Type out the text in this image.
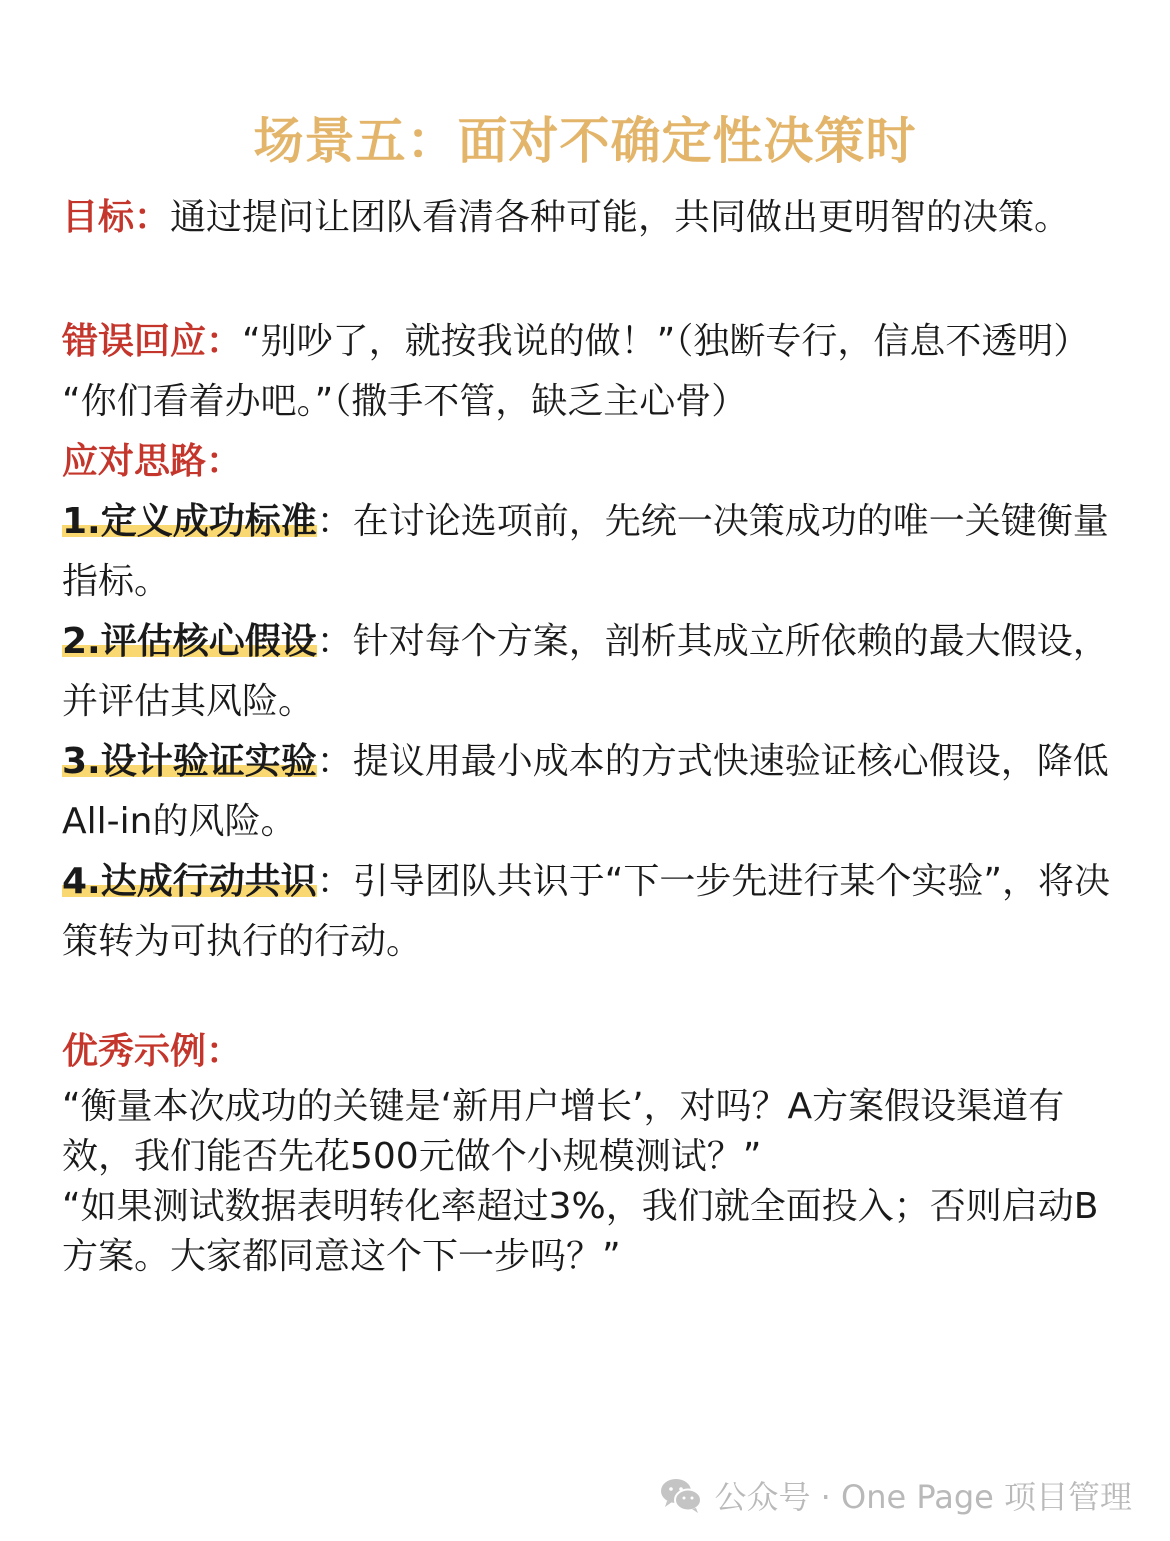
场景五：面对不确定性决策时

目标：通过提问让团队看清各种可能，共同做出更明智的决策。

错误回应：“别吵了，就按我说的做！”（独断专行，信息不透明）

“你们看着办吧。”（撒手不管，缺乏主心骨）

应对思路：

1.定义成功标准：在讨论选项前，先统一决策成功的唯一关键衡量指标。

2.评估核心假设：针对每个方案，剖析其成立所依赖的最大假设，并评估其风险。

3.设计验证实验：提议用最小成本的方式快速验证核心假设，降低All-in的风险。

4.达成行动共识：引导团队共识于“下一步先进行某个实验”，将决策转为可执行的行动。

优秀示例：

“衡量本次成功的关键是‘新用户增长’，对吗？A方案假设渠道有效，我们能否先花500元做个小规模测试？”

“如果测试数据表明转化率超过3%，我们就全面投入；否则启动B方案。大家都同意这个下一步吗？”

公众号 · One Page 项目管理
